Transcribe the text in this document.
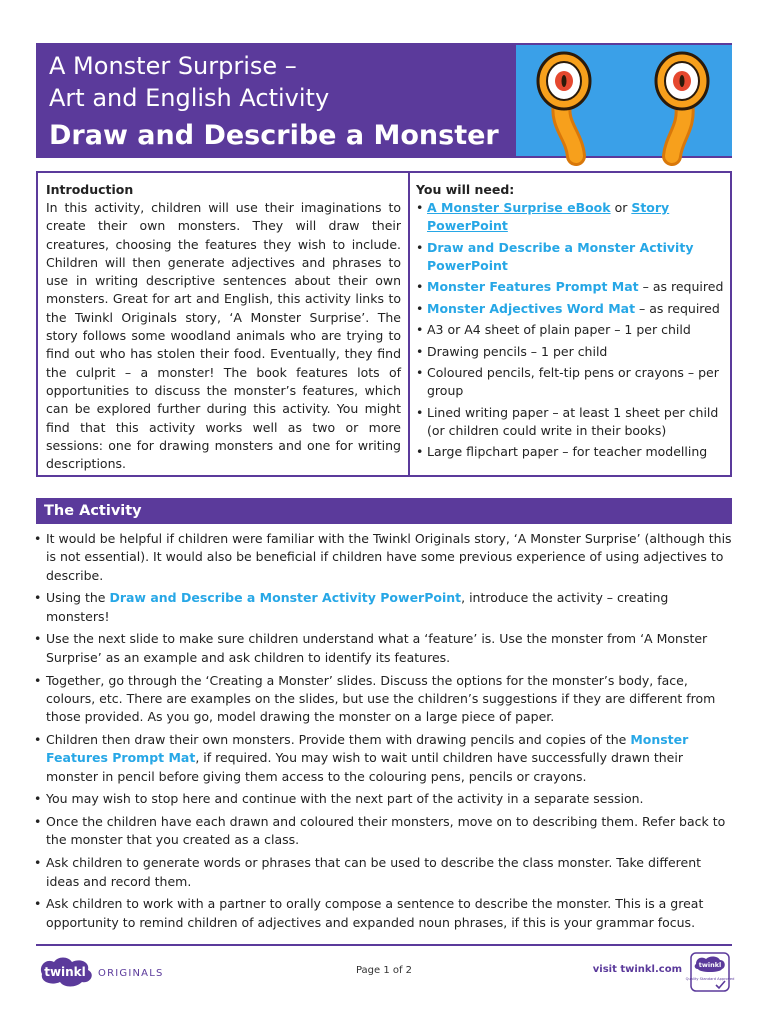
A Monster Surprise –
Art and English Activity
Draw and Describe a Monster
Introduction

In this activity, children will use their imaginations to create their own monsters. They will draw their creatures, choosing the features they wish to include. Children will then generate adjectives and phrases to use in writing descriptive sentences about their own monsters. Great for art and English, this activity links to the Twinkl Originals story, ‘A Monster Surprise’. The story follows some woodland animals who are trying to find out who has stolen their food. Eventually, they find the culprit – a monster! The book features lots of opportunities to discuss the monster’s features, which can be explored further during this activity. You might find that this activity works well as two or more sessions: one for drawing monsters and one for writing descriptions.

You will need:
• A Monster Surprise eBook or Story PowerPoint
• Draw and Describe a Monster Activity PowerPoint
• Monster Features Prompt Mat – as required
• Monster Adjectives Word Mat – as required
• A3 or A4 sheet of plain paper – 1 per child
• Drawing pencils – 1 per child
• Coloured pencils, felt-tip pens or crayons – per group
• Lined writing paper – at least 1 sheet per child (or children could write in their books)
• Large flipchart paper – for teacher modelling
The Activity
• It would be helpful if children were familiar with the Twinkl Originals story, ‘A Monster Surprise’ (although this is not essential). It would also be beneficial if children have some previous experience of using adjectives to describe.
• Using the Draw and Describe a Monster Activity PowerPoint, introduce the activity – creating monsters!
• Use the next slide to make sure children understand what a ‘feature’ is. Use the monster from ‘A Monster Surprise’ as an example and ask children to identify its features.
• Together, go through the ‘Creating a Monster’ slides. Discuss the options for the monster’s body, face, colours, etc. There are examples on the slides, but use the children’s suggestions if they are different from those provided. As you go, model drawing the monster on a large piece of paper.
• Children then draw their own monsters. Provide them with drawing pencils and copies of the Monster Features Prompt Mat, if required. You may wish to wait until children have successfully drawn their monster in pencil before giving them access to the colouring pens, pencils or crayons.
• You may wish to stop here and continue with the next part of the activity in a separate session.
• Once the children have each drawn and coloured their monsters, move on to describing them. Refer back to the monster that you created as a class.
• Ask children to generate words or phrases that can be used to describe the class monster. Take different ideas and record them.
• Ask children to work with a partner to orally compose a sentence to describe the monster. This is a great opportunity to remind children of adjectives and expanded noun phrases, if this is your grammar focus.
twinkl ORIGINALS	Page 1 of 2	visit twinkl.com	twinkl
Quality Standard Approved
